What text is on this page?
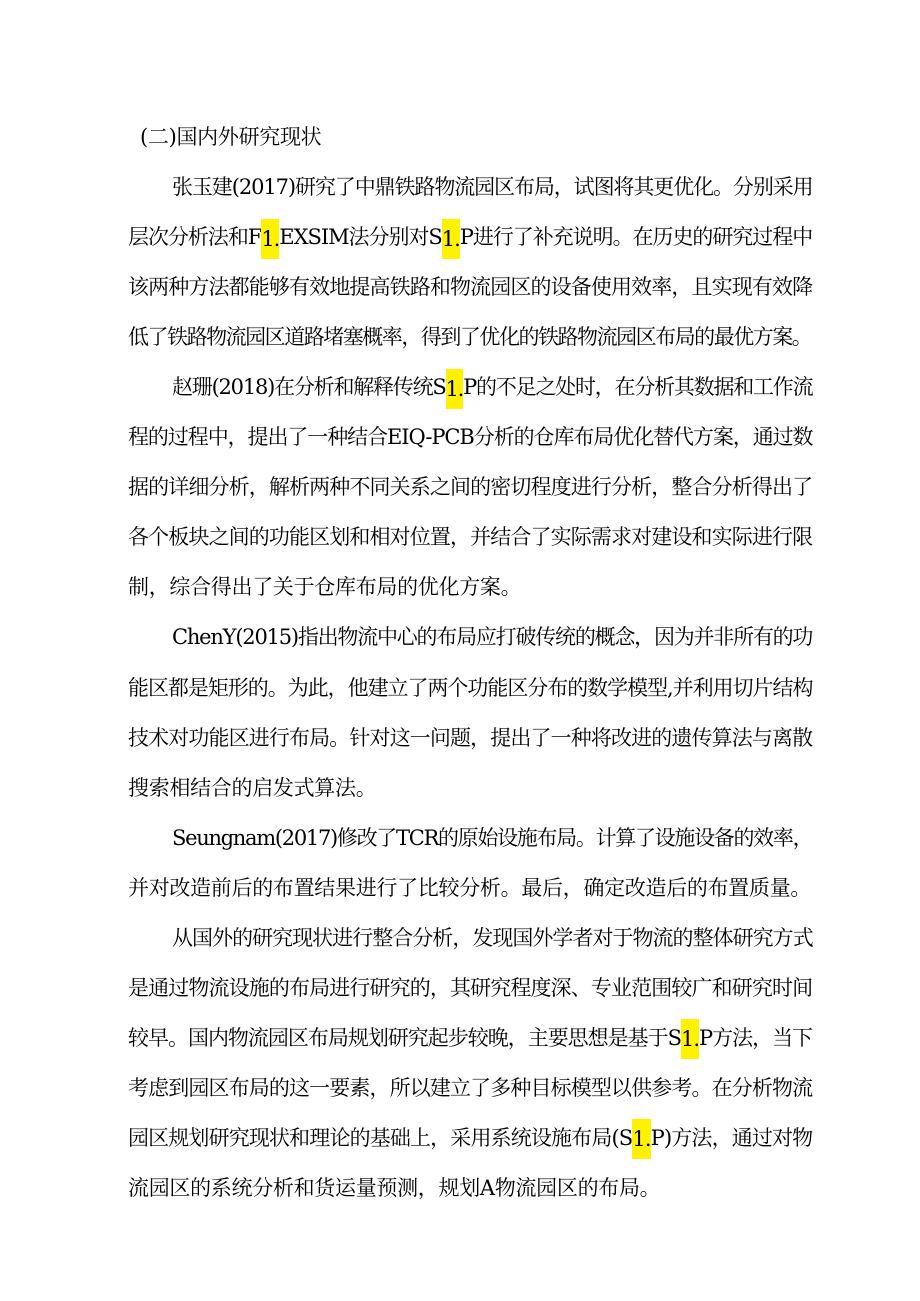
(二)国内外研究现状
张玉建(2017)研究了中鼎铁路物流园区布局，试图将其更优化。分别采用
层次分析法和F1.EXSIM法分别对S1.P进行了补充说明。在历史的研究过程中
该两种方法都能够有效地提高铁路和物流园区的设备使用效率，且实现有效降
低了铁路物流园区道路堵塞概率，得到了优化的铁路物流园区布局的最优方案。
赵珊(2018)在分析和解释传统S1.P的不足之处时，在分析其数据和工作流
程的过程中，提出了一种结合EIQ-PCB分析的仓库布局优化替代方案，通过数
据的详细分析，解析两种不同关系之间的密切程度进行分析，整合分析得出了
各个板块之间的功能区划和相对位置，并结合了实际需求对建设和实际进行限
制，综合得出了关于仓库布局的优化方案。
ChenY(2015)指出物流中心的布局应打破传统的概念，因为并非所有的功
能区都是矩形的。为此，他建立了两个功能区分布的数学模型,并利用切片结构
技术对功能区进行布局。针对这一问题，提出了一种将改进的遗传算法与离散
搜索相结合的启发式算法。
Seungnam(2017)修改了TCR的原始设施布局。计算了设施设备的效率，
并对改造前后的布置结果进行了比较分析。最后，确定改造后的布置质量。
从国外的研究现状进行整合分析，发现国外学者对于物流的整体研究方式
是通过物流设施的布局进行研究的，其研究程度深、专业范围较广和研究时间
较早。国内物流园区布局规划研究起步较晚，主要思想是基于S1.P方法，当下
考虑到园区布局的这一要素，所以建立了多种目标模型以供参考。在分析物流
园区规划研究现状和理论的基础上，采用系统设施布局(S1.P)方法，通过对物
流园区的系统分析和货运量预测，规划A物流园区的布局。
